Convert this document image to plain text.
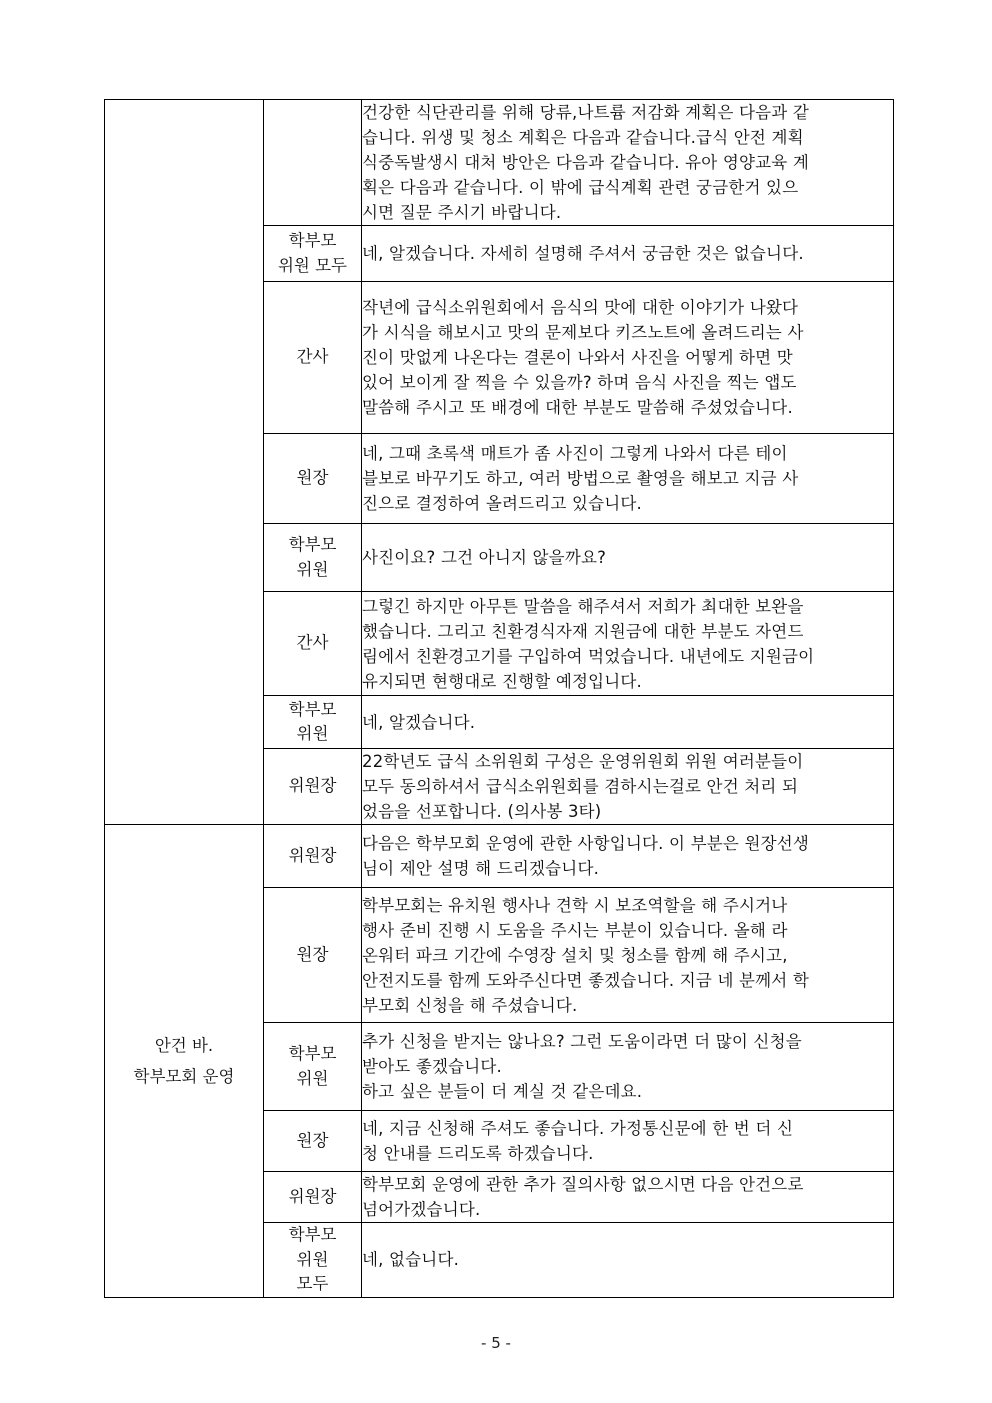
		건강한 식단관리를 위해 당류,나트륨 저감화 계획은 다음과 같
습니다. 위생 및 청소 계획은 다음과 같습니다.급식 안전 계획
식중독발생시 대처 방안은 다음과 같습니다. 유아 영양교육 계
획은 다음과 같습니다. 이 밖에 급식계획 관련 궁금한거 있으
시면 질문 주시기 바랍니다.

	학부모
위원 모두	네, 알겠습니다. 자세히 설명해 주셔서 궁금한 것은 없습니다.

	간사	작년에 급식소위원회에서 음식의 맛에 대한 이야기가 나왔다
가 시식을 해보시고 맛의 문제보다 키즈노트에 올려드리는 사
진이 맛없게 나온다는 결론이 나와서 사진을 어떻게 하면 맛
있어 보이게 잘 찍을 수 있을까? 하며 음식 사진을 찍는 앱도
말씀해 주시고 또 배경에 대한 부분도 말씀해 주셨었습니다.

	원장	네, 그때 초록색 매트가 좀 사진이 그렇게 나와서 다른 테이
블보로 바꾸기도 하고, 여러 방법으로 촬영을 해보고 지금 사
진으로 결정하여 올려드리고 있습니다.

	학부모
위원	사진이요? 그건 아니지 않을까요?

	간사	그렇긴 하지만 아무튼 말씀을 해주셔서 저희가 최대한 보완을
했습니다. 그리고 친환경식자재 지원금에 대한 부분도 자연드
림에서 친환경고기를 구입하여 먹었습니다. 내년에도 지원금이
유지되면 현행대로 진행할 예정입니다.

	학부모
위원	네, 알겠습니다.

	위원장	22학년도 급식 소위원회 구성은 운영위원회 위원 여러분들이
모두 동의하셔서 급식소위원회를 겸하시는걸로 안건 처리 되
었음을 선포합니다. (의사봉 3타)

안건 바.
학부모회 운영	위원장	다음은 학부모회 운영에 관한 사항입니다. 이 부분은 원장선생
님이 제안 설명 해 드리겠습니다.

	원장	학부모회는 유치원 행사나 견학 시 보조역할을 해 주시거나
행사 준비 진행 시 도움을 주시는 부분이 있습니다. 올해 라
온워터 파크 기간에 수영장 설치 및 청소를 함께 해 주시고,
안전지도를 함께 도와주신다면 좋겠습니다. 지금 네 분께서 학
부모회 신청을 해 주셨습니다.

	학부모
위원	추가 신청을 받지는 않나요? 그런 도움이라면 더 많이 신청을
받아도 좋겠습니다.
하고 싶은 분들이 더 계실 것 같은데요.

	원장	네, 지금 신청해 주셔도 좋습니다. 가정통신문에 한 번 더 신
청 안내를 드리도록 하겠습니다.

	위원장	학부모회 운영에 관한 추가 질의사항 없으시면 다음 안건으로
넘어가겠습니다.

	학부모
위원
모두	네, 없습니다.
- 5 -
